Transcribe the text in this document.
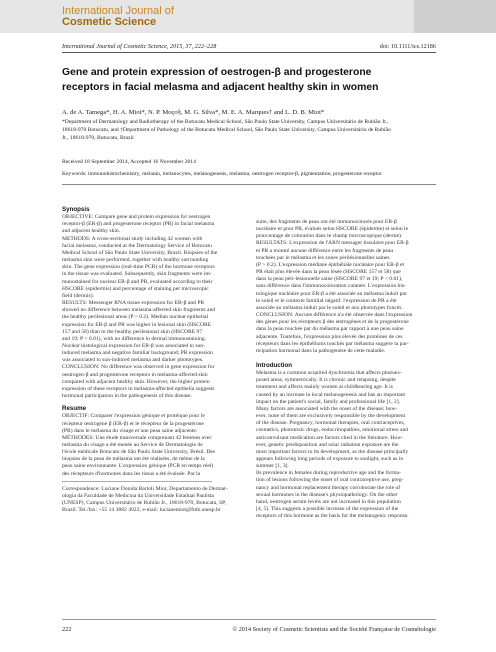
International Journal of
Cosmetic Science
International Journal of Cosmetic Science, 2015, 37, 222–228	doi: 10.1111/ics.12186
Gene and protein expression of oestrogen-β and progesterone
receptors in facial melasma and adjacent healthy skin in women
A. de A. Tamega*, H. A. Miot*, N. P. Moço§, M. G. Silva*, M. E. A. Marques† and L. D. B. Miot*
*Department of Dermatology and Radiotherapy of the Botucatu Medical School, São Paulo State University, Campus Universitário de Rubião Jr.,
18618-970 Botucatu, and †Department of Pathology of the Botucatu Medical School, São Paulo State University, Campus Universitário de Rubião
Jr., 18618-970, Botucatu, Brazil
Received 18 September 2014, Accepted 16 November 2014
Keywords: immunohistochemistry, melanin, melanocytes, melanogenesis, melasma, oestrogen receptor-β, pigmentation, progesterone receptor
Synopsis
OBJECTIVE: Compare gene and protein expression for oestrogen
receptor-β (ER-β) and progesterone receptor (PR) in facial melasma
and adjacent healthy skin.
METHODS: A cross-sectional study including 42 women with
facial melasma, conducted at the Dermatology Service of Botucatu
Medical School of São Paulo State University, Brazil. Biopsies of the
melasma skin were performed, together with healthy surrounding
skin. The gene expression (real-time PCR) of the hormone receptors
in the tissue was evaluated. Subsequently, skin fragments were im-
munostained for nuclear ER-β and PR, evaluated according to their
HSCORE (epidermis) and percentage of staining per microscopic
field (dermis).
RESULTS: Messenger RNA tissue expression for ER-β and PR
showed no difference between melasma-affected skin fragments and
the healthy perilesional areas (P > 0.2). Median nuclear epithelial
expression for ER-β and PR was higher in lesional skin (HSCORE
157 and 58) than in the healthy perilesional skin (HSCORE 97
and 19; P < 0.01), with no difference in dermal immunostaining.
Nuclear histological expression for ER-β was associated to sun-
induced melasma and negative familiar background; PR expression
was associated to sun-induced melasma and darker phototypes.
CONCLUSION: No difference was observed in gene expression for
oestrogen-β and progesterone receptors in melasma-affected skin
compared with adjacent healthy skin. However, the higher protein
expression of these receptors in melasma-affected epithelia suggests
hormonal participation in the pathogenesis of this disease.
Resume
OBJECTIF: Comparer l'expression génique et protéique pour le
récepteur œstrogène β (ER-β) et le récepteur de la progestérone
(PR) dans le mélasma du visage et une peau saine adjacente.
MÉTHODES: Une étude transversale comprenant 42 femmes avec
mélasma du visage a été menée au Service de Dermatologie de
l'école médicale Botucatu de São Paulo State University, Brésil. Des
biopsies de la peau de mélasma ont été réalisées, de même de la
peau saine environnante. L'expression génique (PCR en temps réel)
des récepteurs d'hormones dans les tissus a été évaluée. Par la
Correspondence: Luciane Donida Bartoli Miot, Departamento de Dermat-
ologia da Faculdade de Medicina da Universidade Estadual Paulista
(UNESP), Campus Universitário de Rubião Jr., 18618-970, Botucatu, SP,
Brazil. Tel./fax: +55 14 3882 4922; e-mail: lucianemiot@fmb.unesp.br
suite, des fragments de peau ont été immunocolorés pour ER-β
nucléaire et pour PR, évalués selon HSCORE (épiderme) et selon le
pourcentage de coloration dans le champ microscopique (derme).
RESULTATS: L'expression de l'ARN messager tissulaire pour ER-β
et PR a montré aucune différence entre les fragments de peau
touchées par le mélasma et les zones périlésionnelles saines
(P > 0.2). L'expression médiane épithéliale nucléaire pour ER-β et
PR était plus élevée dans la peau lésée (HSCORE 157 et 58) que
dans la peau péri-lésionnelle saine (HSCORE 97 et 19; P < 0.01),
sans différence dans l'immunocoloration cutanée. L'expression his-
tologique nucléaire pour ER-β a été associée au mélasma induit par
le soleil et le contexte familial négatif. l'expression de PR a été
associée au mélasma induit par le soleil et aux phototypes foncés.
CONCLUSION: Aucune différence n'a été observée dans l'expression
des gènes pour les récepteurs β des œstrogènes et de la progestérone
dans la peau touchée par du mélasma par rapport à une peau saine
adjacente. Toutefois, l'expression plus élevée des protéines de ces
récepteurs dans les épithéliums touchés par mélasma suggère la par-
ticipation hormonal dans la pathogenèse de cette maladie.
Introduction
Melasma is a common acquired dyschromia that affects photoex-
posed areas, symmetrically. It is chronic and relapsing, despite
treatment and affects mainly women at childbearing age. It is
caused by an increase in local melanogenesis and has an important
impact on the patient's social, family and professional life [1, 2].
Many factors are associated with the onset of the disease; how-
ever, none of them are exclusively responsible by the development
of the disease. Pregnancy, hormonal therapies, oral contraceptives,
cosmetics, phototoxic drugs, endocrinopathies, emotional stress and
anticonvulsant medication are factors cited in the literature. How-
ever, genetic predisposition and solar radiation exposure are the
most important factors to its development, as the disease principally
appears following long periods of exposure to sunlight, such as in
summer [1, 3].
Its prevalence in females during reproductive age and the forma-
tion of lesions following the onset of oral contraceptive use, preg-
nancy and hormonal replacement therapy corroborate the role of
sexual hormones in the disease's physiopathology. On the other
hand, oestrogen serum levels are not increased in this population
[4, 5]. This suggests a possible increase of the expression of the
receptors of this hormone as the basis for the melanogenic response.
222	© 2014 Society of Cosmetic Scientists and the Société Française de Cosmétologie
